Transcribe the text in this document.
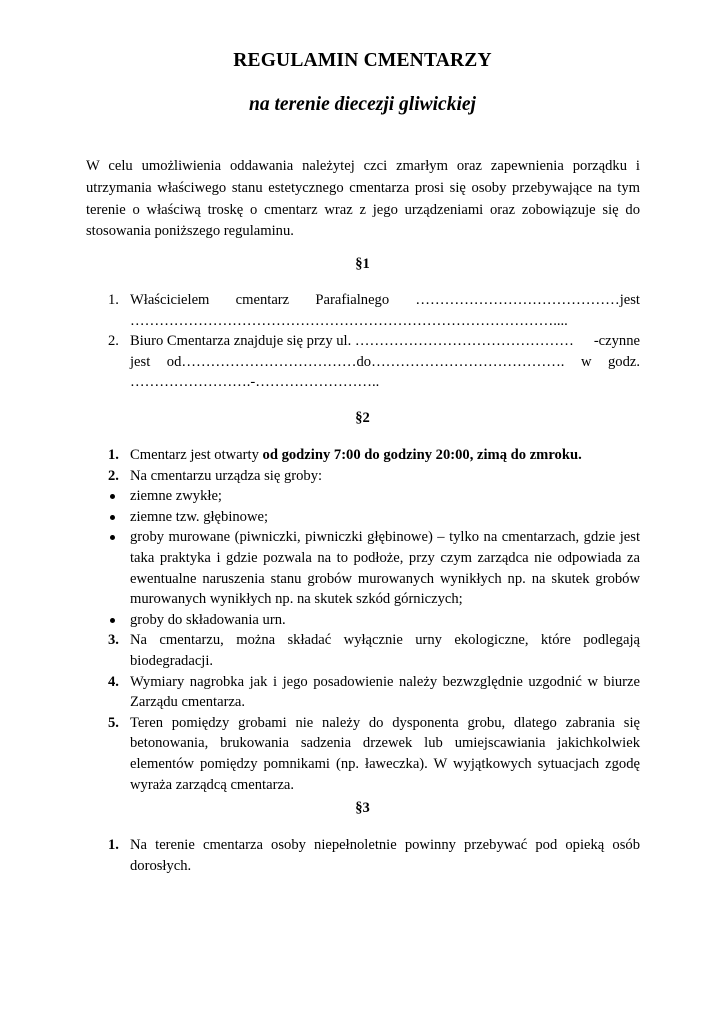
REGULAMIN CMENTARZY
na terenie diecezji gliwickiej
W celu umożliwienia oddawania należytej czci zmarłym oraz zapewnienia porządku i utrzymania właściwego stanu estetycznego cmentarza prosi się osoby przebywające na tym terenie o właściwą troskę o cmentarz wraz z jego urządzeniami oraz zobowiązuje się do stosowania poniższego regulaminu.
§1
1. Właścicielem cmentarz Parafialnego ……………………………………jest
……………………………………………………………………………....
2. Biuro Cmentarza znajduje się przy ul. ……………………………………… -czynne
jest od………………………………do…………………………………. w godz.
…………………….-……………………..
§2
1. Cmentarz jest otwarty od godziny 7:00 do godziny 20:00, zimą do zmroku.
2. Na cmentarzu urządza się groby:
ziemne zwykłe;
ziemne tzw. głębinowe;
groby murowane (piwniczki, piwniczki głębinowe) – tylko na cmentarzach, gdzie jest taka praktyka i gdzie pozwala na to podłoże, przy czym zarządca nie odpowiada za ewentualne naruszenia stanu grobów murowanych wynikłych np. na skutek grobów murowanych wynikłych np. na skutek szkód górniczych;
groby do składowania urn.
3. Na cmentarzu, można składać wyłącznie urny ekologiczne, które podlegają biodegradacji.
4. Wymiary nagrobka jak i jego posadowienie należy bezwzględnie uzgodnić w biurze Zarządu cmentarza.
5. Teren pomiędzy grobami nie należy do dysponenta grobu, dlatego zabrania się betonowania, brukowania sadzenia drzewek lub umiejscawiania jakichkolwiek elementów pomiędzy pomnikami (np. ławeczka). W wyjątkowych sytuacjach zgodę wyraża zarządcą cmentarza.
§3
1. Na terenie cmentarza osoby niepełnoletnie powinny przebywać pod opieką osób dorosłych.
